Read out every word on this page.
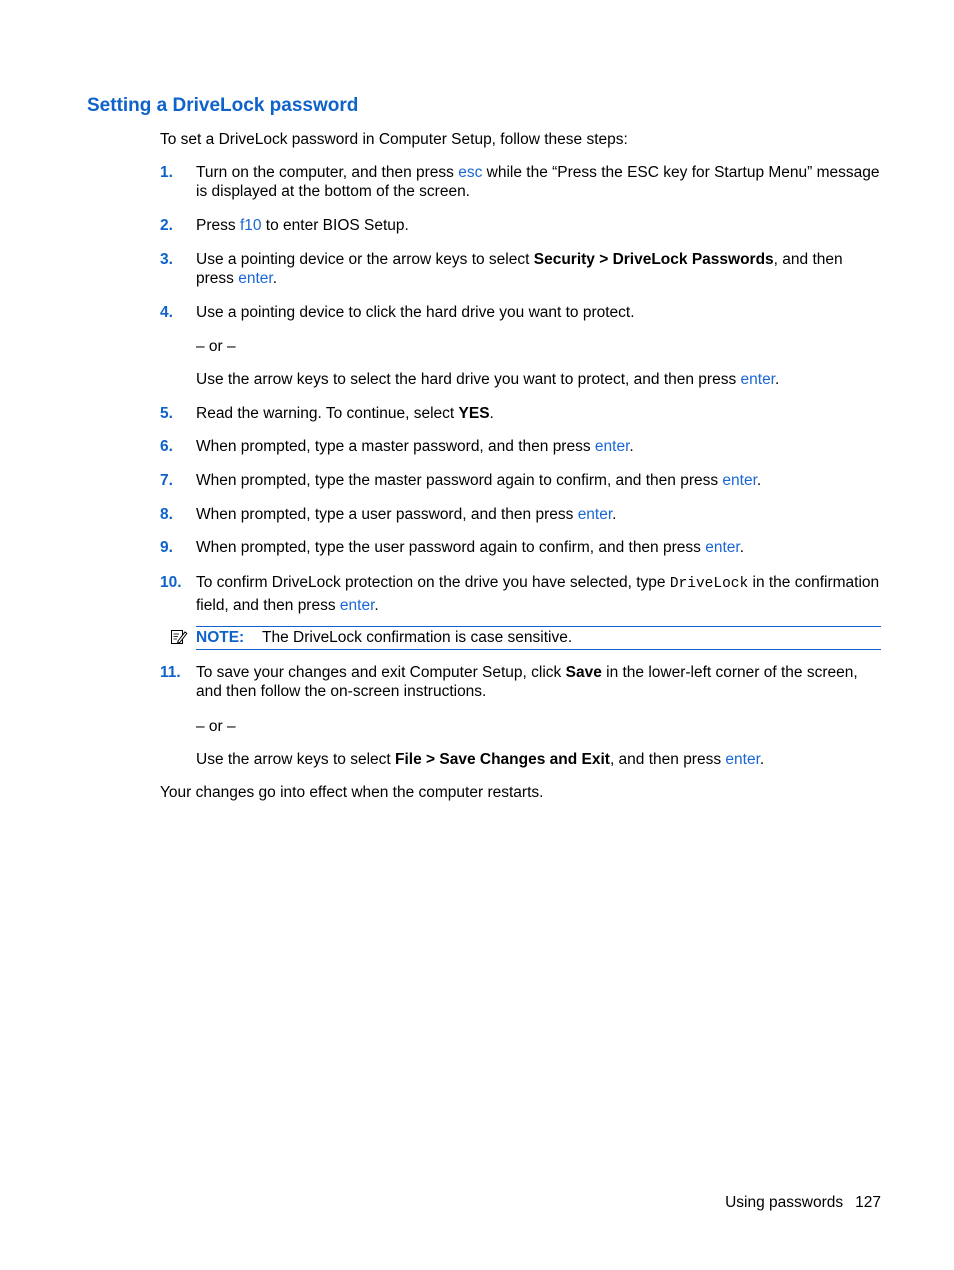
Setting a DriveLock password

To set a DriveLock password in Computer Setup, follow these steps:

1.	Turn on the computer, and then press esc while the “Press the ESC key for Startup Menu” message is displayed at the bottom of the screen.
2.	Press f10 to enter BIOS Setup.
3.	Use a pointing device or the arrow keys to select Security > DriveLock Passwords, and then press enter.
4.	Use a pointing device to click the hard drive you want to protect.

– or –

Use the arrow keys to select the hard drive you want to protect, and then press enter.

5.	Read the warning. To continue, select YES.
6.	When prompted, type a master password, and then press enter.
7.	When prompted, type the master password again to confirm, and then press enter.
8.	When prompted, type a user password, and then press enter.
9.	When prompted, type the user password again to confirm, and then press enter.
10. To confirm DriveLock protection on the drive you have selected, type DriveLock in the confirmation field, and then press enter.
NOTE: The DriveLock confirmation is case sensitive.
11. To save your changes and exit Computer Setup, click Save in the lower-left corner of the screen, and then follow the on-screen instructions.

– or –

Use the arrow keys to select File > Save Changes and Exit, and then press enter.

Your changes go into effect when the computer restarts.

Using passwords 127
